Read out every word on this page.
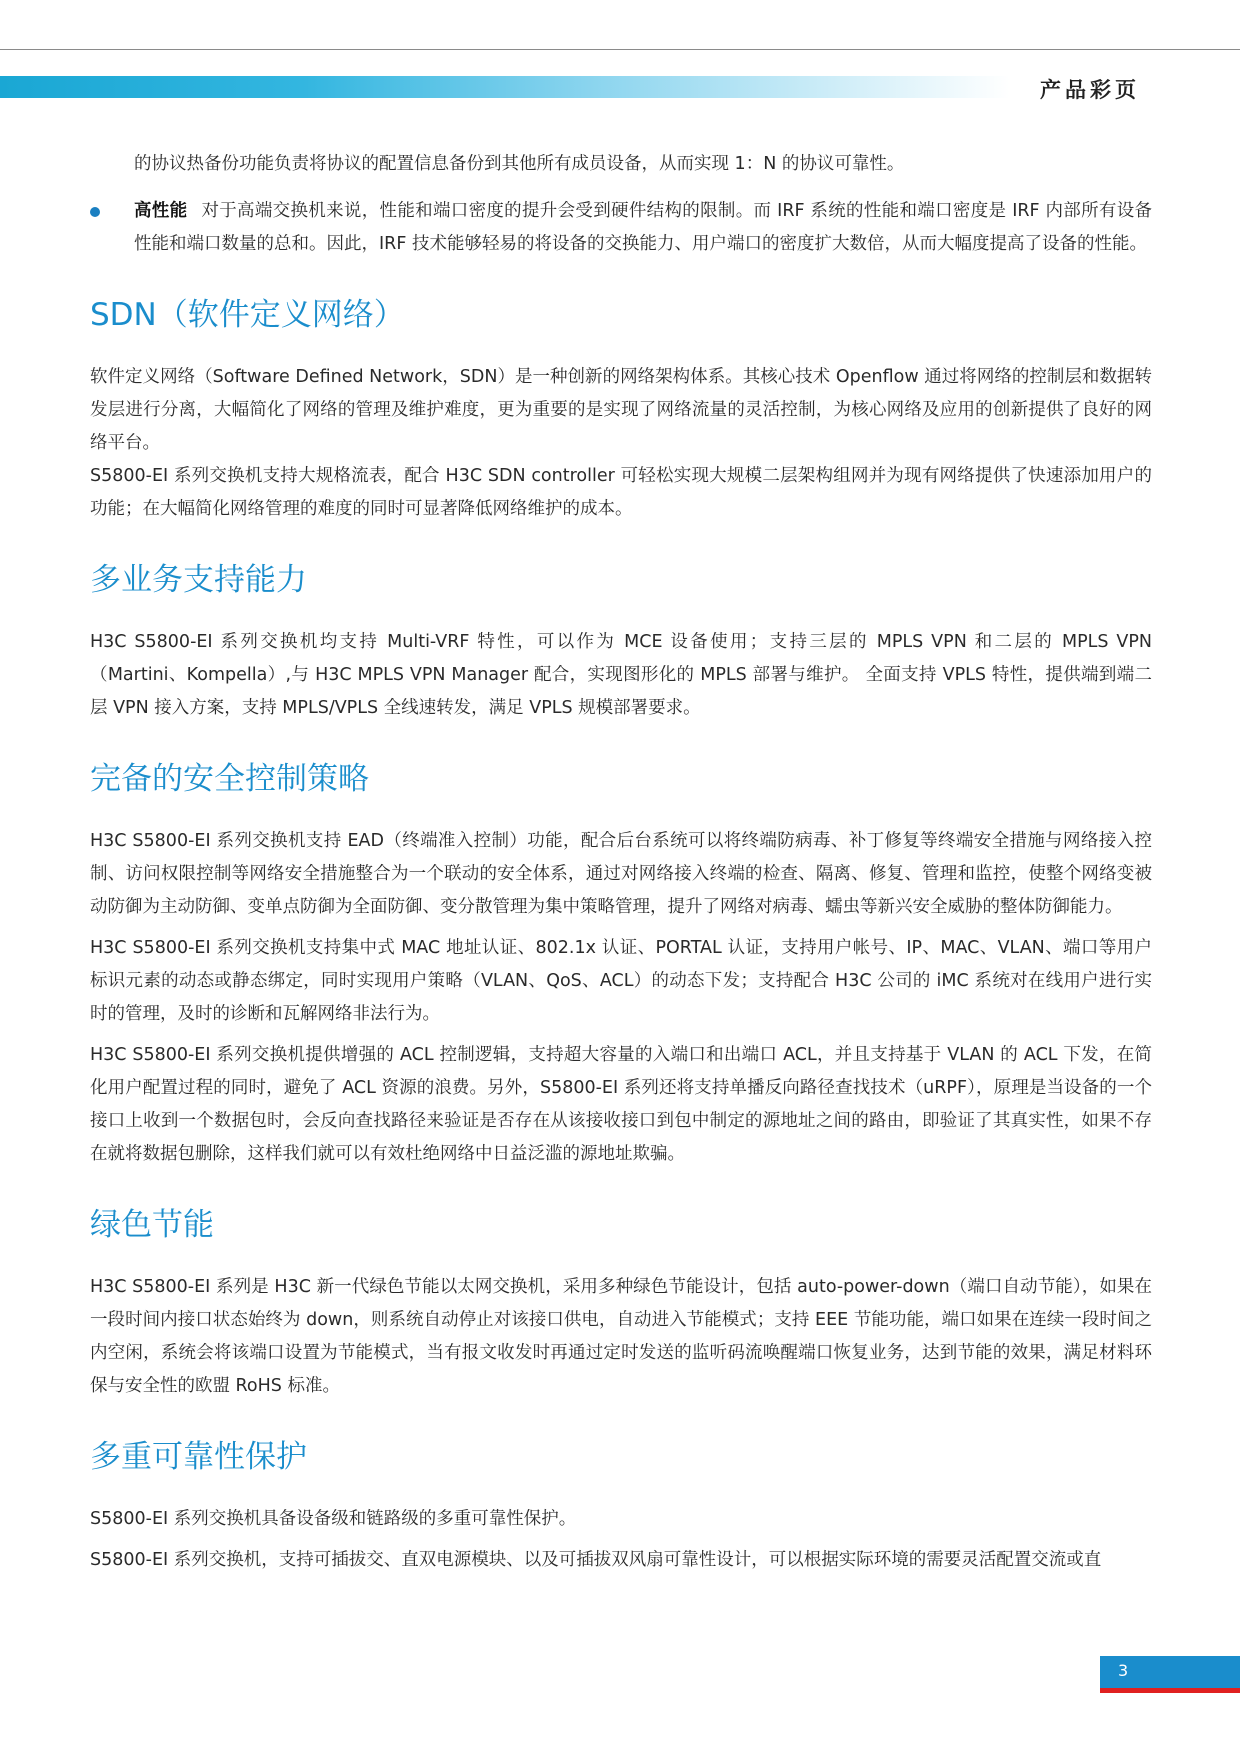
产品彩页

的协议热备份功能负责将协议的配置信息备份到其他所有成员设备，从而实现 1：N 的协议可靠性。

高性能 对于高端交换机来说，性能和端口密度的提升会受到硬件结构的限制。而 IRF 系统的性能和端口密度是 IRF 内部所有设备性能和端口数量的总和。因此，IRF 技术能够轻易的将设备的交换能力、用户端口的密度扩大数倍，从而大幅度提高了设备的性能。

SDN（软件定义网络）

软件定义网络（Software Defined Network，SDN）是一种创新的网络架构体系。其核心技术 Openflow 通过将网络的控制层和数据转发层进行分离，大幅简化了网络的管理及维护难度，更为重要的是实现了网络流量的灵活控制，为核心网络及应用的创新提供了良好的网络平台。

S5800-EI 系列交换机支持大规格流表，配合 H3C SDN controller 可轻松实现大规模二层架构组网并为现有网络提供了快速添加用户的功能；在大幅简化网络管理的难度的同时可显著降低网络维护的成本。

多业务支持能力

H3C S5800-EI 系列交换机均支持 Multi-VRF 特性，可以作为 MCE 设备使用；支持三层的 MPLS VPN 和二层的 MPLS VPN（Martini、Kompella）,与 H3C MPLS VPN Manager 配合，实现图形化的 MPLS 部署与维护。 全面支持 VPLS 特性，提供端到端二层 VPN 接入方案，支持 MPLS/VPLS 全线速转发，满足 VPLS 规模部署要求。

完备的安全控制策略

H3C S5800-EI 系列交换机支持 EAD（终端准入控制）功能，配合后台系统可以将终端防病毒、补丁修复等终端安全措施与网络接入控制、访问权限控制等网络安全措施整合为一个联动的安全体系，通过对网络接入终端的检查、隔离、修复、管理和监控，使整个网络变被动防御为主动防御、变单点防御为全面防御、变分散管理为集中策略管理，提升了网络对病毒、蠕虫等新兴安全威胁的整体防御能力。

H3C S5800-EI 系列交换机支持集中式 MAC 地址认证、802.1x 认证、PORTAL 认证，支持用户帐号、IP、MAC、VLAN、端口等用户标识元素的动态或静态绑定，同时实现用户策略（VLAN、QoS、ACL）的动态下发；支持配合 H3C 公司的 iMC 系统对在线用户进行实时的管理，及时的诊断和瓦解网络非法行为。

H3C S5800-EI 系列交换机提供增强的 ACL 控制逻辑，支持超大容量的入端口和出端口 ACL，并且支持基于 VLAN 的 ACL 下发，在简化用户配置过程的同时，避免了 ACL 资源的浪费。另外，S5800-EI 系列还将支持单播反向路径查找技术（uRPF），原理是当设备的一个接口上收到一个数据包时，会反向查找路径来验证是否存在从该接收接口到包中制定的源地址之间的路由，即验证了其真实性，如果不存在就将数据包删除，这样我们就可以有效杜绝网络中日益泛滥的源地址欺骗。

绿色节能

H3C S5800-EI 系列是 H3C 新一代绿色节能以太网交换机，采用多种绿色节能设计，包括 auto-power-down（端口自动节能），如果在一段时间内接口状态始终为 down，则系统自动停止对该接口供电，自动进入节能模式；支持 EEE 节能功能，端口如果在连续一段时间之内空闲，系统会将该端口设置为节能模式，当有报文收发时再通过定时发送的监听码流唤醒端口恢复业务，达到节能的效果，满足材料环保与安全性的欧盟 RoHS 标准。

多重可靠性保护

S5800-EI 系列交换机具备设备级和链路级的多重可靠性保护。

S5800-EI 系列交换机，支持可插拔交、直双电源模块、以及可插拔双风扇可靠性设计，可以根据实际环境的需要灵活配置交流或直

3
